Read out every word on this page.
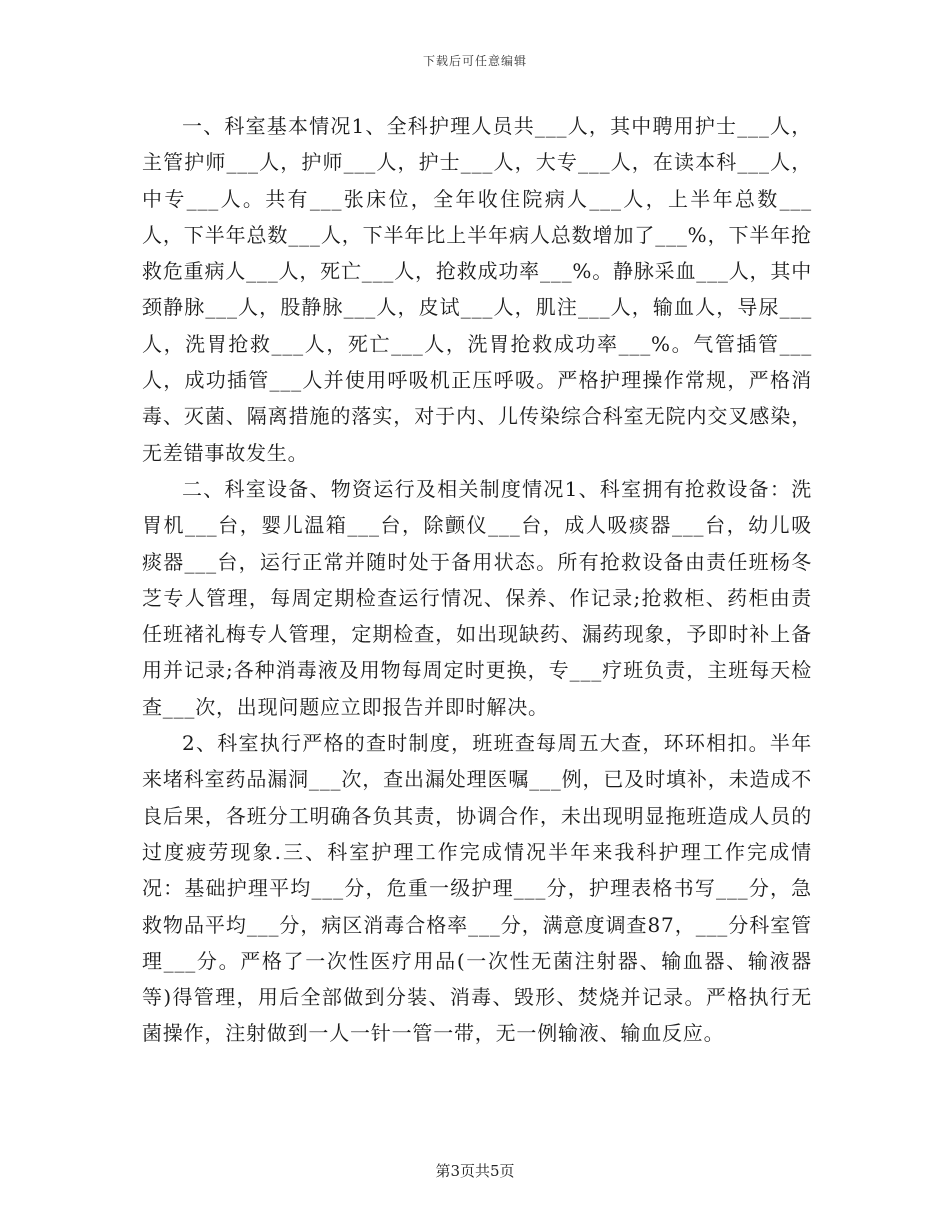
下载后可任意编辑

一、科室基本情况1、全科护理人员共___人，其中聘用护士___人，主管护师___人，护师___人，护士___人，大专___人，在读本科___人，中专___人。共有___张床位，全年收住院病人___人，上半年总数___人，下半年总数___人，下半年比上半年病人总数增加了___%，下半年抢救危重病人___人，死亡___人，抢救成功率___%。静脉采血___人，其中颈静脉___人，股静脉___人，皮试___人，肌注___人，输血人，导尿___人，洗胃抢救___人，死亡___人，洗胃抢救成功率___%。气管插管___人，成功插管___人并使用呼吸机正压呼吸。严格护理操作常规，严格消毒、灭菌、隔离措施的落实，对于内、儿传染综合科室无院内交叉感染，无差错事故发生。

二、科室设备、物资运行及相关制度情况1、科室拥有抢救设备：洗胃机___台，婴儿温箱___台，除颤仪___台，成人吸痰器___台，幼儿吸痰器___台，运行正常并随时处于备用状态。所有抢救设备由责任班杨冬芝专人管理，每周定期检查运行情况、保养、作记录;抢救柜、药柜由责任班褚礼梅专人管理，定期检查，如出现缺药、漏药现象，予即时补上备用并记录;各种消毒液及用物每周定时更换，专___疗班负责，主班每天检查___次，出现问题应立即报告并即时解决。

2、科室执行严格的查时制度，班班查每周五大查，环环相扣。半年来堵科室药品漏洞___次，查出漏处理医嘱___例，已及时填补，未造成不良后果，各班分工明确各负其责，协调合作，未出现明显拖班造成人员的过度疲劳现象.三、科室护理工作完成情况半年来我科护理工作完成情况：基础护理平均___分，危重一级护理___分，护理表格书写___分，急救物品平均___分，病区消毒合格率___分，满意度调查87，___分科室管理___分。严格了一次性医疗用品(一次性无菌注射器、输血器、输液器等)得管理，用后全部做到分装、消毒、毁形、焚烧并记录。严格执行无菌操作，注射做到一人一针一管一带，无一例输液、输血反应。

第3页共5页
